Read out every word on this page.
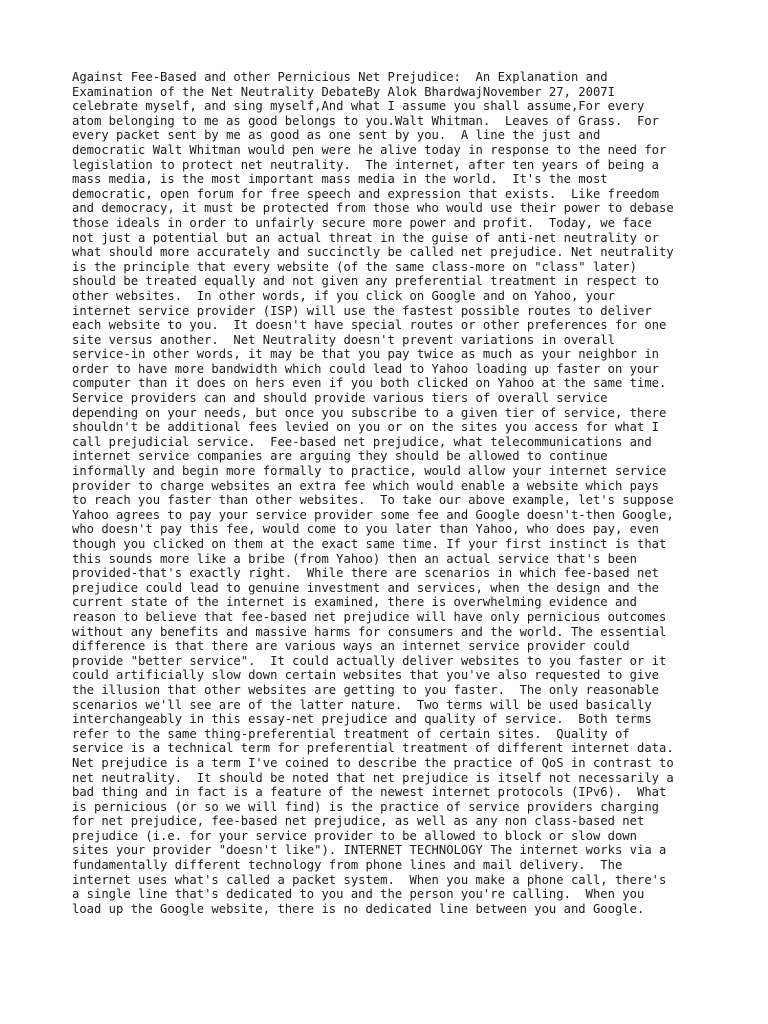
Against Fee-Based and other Pernicious Net Prejudice:  An Explanation and
Examination of the Net Neutrality DebateBy Alok BhardwajNovember 27, 2007I
celebrate myself, and sing myself,And what I assume you shall assume,For every
atom belonging to me as good belongs to you.Walt Whitman.  Leaves of Grass.  For
every packet sent by me as good as one sent by you.  A line the just and
democratic Walt Whitman would pen were he alive today in response to the need for
legislation to protect net neutrality.  The internet, after ten years of being a
mass media, is the most important mass media in the world.  It's the most
democratic, open forum for free speech and expression that exists.  Like freedom
and democracy, it must be protected from those who would use their power to debase
those ideals in order to unfairly secure more power and profit.  Today, we face
not just a potential but an actual threat in the guise of anti-net neutrality or
what should more accurately and succinctly be called net prejudice. Net neutrality
is the principle that every website (of the same class-more on "class" later)
should be treated equally and not given any preferential treatment in respect to
other websites.  In other words, if you click on Google and on Yahoo, your
internet service provider (ISP) will use the fastest possible routes to deliver
each website to you.  It doesn't have special routes or other preferences for one
site versus another.  Net Neutrality doesn't prevent variations in overall
service-in other words, it may be that you pay twice as much as your neighbor in
order to have more bandwidth which could lead to Yahoo loading up faster on your
computer than it does on hers even if you both clicked on Yahoo at the same time.
Service providers can and should provide various tiers of overall service
depending on your needs, but once you subscribe to a given tier of service, there
shouldn't be additional fees levied on you or on the sites you access for what I
call prejudicial service.  Fee-based net prejudice, what telecommunications and
internet service companies are arguing they should be allowed to continue
informally and begin more formally to practice, would allow your internet service
provider to charge websites an extra fee which would enable a website which pays
to reach you faster than other websites.  To take our above example, let's suppose
Yahoo agrees to pay your service provider some fee and Google doesn't-then Google,
who doesn't pay this fee, would come to you later than Yahoo, who does pay, even
though you clicked on them at the exact same time. If your first instinct is that
this sounds more like a bribe (from Yahoo) then an actual service that's been
provided-that's exactly right.  While there are scenarios in which fee-based net
prejudice could lead to genuine investment and services, when the design and the
current state of the internet is examined, there is overwhelming evidence and
reason to believe that fee-based net prejudice will have only pernicious outcomes
without any benefits and massive harms for consumers and the world. The essential
difference is that there are various ways an internet service provider could
provide "better service".  It could actually deliver websites to you faster or it
could artificially slow down certain websites that you've also requested to give
the illusion that other websites are getting to you faster.  The only reasonable
scenarios we'll see are of the latter nature.  Two terms will be used basically
interchangeably in this essay-net prejudice and quality of service.  Both terms
refer to the same thing-preferential treatment of certain sites.  Quality of
service is a technical term for preferential treatment of different internet data.
Net prejudice is a term I've coined to describe the practice of QoS in contrast to
net neutrality.  It should be noted that net prejudice is itself not necessarily a
bad thing and in fact is a feature of the newest internet protocols (IPv6).  What
is pernicious (or so we will find) is the practice of service providers charging
for net prejudice, fee-based net prejudice, as well as any non class-based net
prejudice (i.e. for your service provider to be allowed to block or slow down
sites your provider "doesn't like"). INTERNET TECHNOLOGY The internet works via a
fundamentally different technology from phone lines and mail delivery.  The
internet uses what's called a packet system.  When you make a phone call, there's
a single line that's dedicated to you and the person you're calling.  When you
load up the Google website, there is no dedicated line between you and Google.
